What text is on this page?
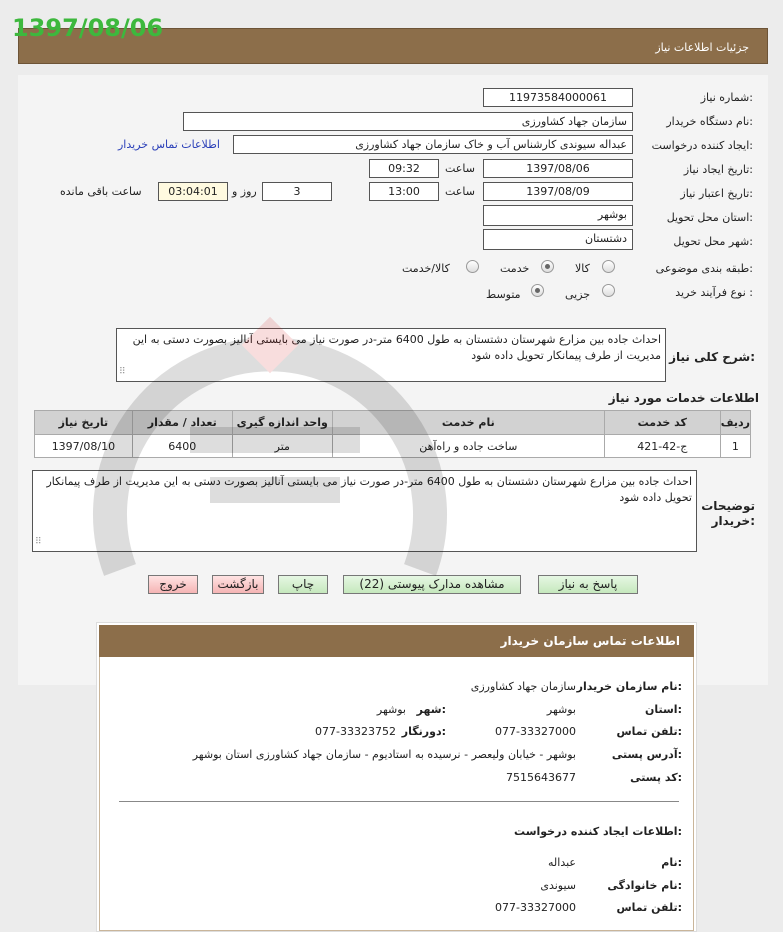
1397/08/06
جزئیات اطلاعات نیاز
شماره نیاز:
11973584000061
نام دستگاه خریدار:
سازمان جهاد کشاورزی
ایجاد کننده درخواست:
عبداله سیوندی کارشناس آب و خاک سازمان جهاد کشاورزی
اطلاعات تماس خریدار
تاریخ ایجاد نیاز:
1397/08/06
ساعت
09:32
تاریخ اعتبار نیاز:
1397/08/09
ساعت
13:00
3
روز و
03:04:01
ساعت باقی مانده
استان محل تحویل:
بوشهر
شهر محل تحویل:
دشتستان
طبقه بندی موضوعی:
کالا
خدمت
کالا/خدمت
نوع فرآیند خرید :
جزیی
متوسط
شرح کلی نیاز:
احداث جاده بین مزارع شهرستان دشتستان به طول 6400 متر-در صورت نیاز می بایستی آنالیز بصورت دستی به این مدیریت از طرف پیمانکار تحویل داده شود
⠿
اطلاعات خدمات مورد نیاز
ردیف	کد خدمت	نام خدمت	واحد اندازه گیری	تعداد / مقدار	تاریخ نیاز
1	ج-42-421	ساخت جاده و راه‌آهن	متر	6400	1397/08/10
توضیحات
خریدار:
احداث جاده بین مزارع شهرستان دشتستان به طول 6400 متر-در صورت نیاز می بایستی آنالیز بصورت دستی به این مدیریت از طرف پیمانکار تحویل داده شود
⠿
پاسخ به نیاز
مشاهده مدارک پیوستی (22)
چاپ
بازگشت
خروج
اطلاعات تماس سازمان خریدار
نام سازمان خریدار:
سازمان جهاد کشاورزی
استان:
بوشهر
شهر:
بوشهر
تلفن تماس:
077-33327000
دورنگار:
077-33323752
آدرس پستی:
بوشهر - خیابان ولیعصر - نرسیده به استادیوم - سازمان جهاد کشاورزی استان بوشهر
کد پستی:
7515643677
اطلاعات ایجاد کننده درخواست:
نام:
عبداله
نام خانوادگی:
سیوندی
تلفن تماس:
077-33327000
